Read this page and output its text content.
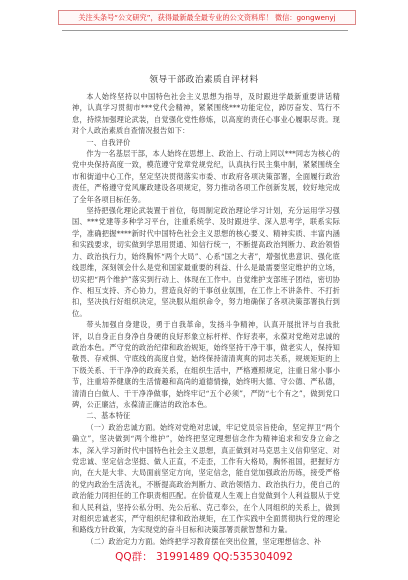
关注头条号“公文研究”，获得最新最全最专业的公文资料库！ 微信：gongwenyj
领导干部政治素质自评材料

本人始终坚持以中国特色社会主义思想为指导，及时跟进学最新重要讲话精神，认真学习贯彻市***党代会精神，紧紧围绕***功能定位，踔厉奋发、笃行不怠，持续加强理论武装，自觉强化党性修炼，以高度的责任心事业心履职尽责。现对个人政治素质自查情况报告如下：

一、自我评价

作为一名基层干部，本人始终在思想上、政治上、行动上同以***同志为核心的党中央保持高度一致，模范遵守党章党规党纪，认真执行民主集中制，紧紧围绕全市和街道中心工作，坚定坚决贯彻落实市委、市政府各项决策部署，全面履行政治责任，严格遵守党风廉政建设各项规定，努力推动各项工作创新发展，较好地完成了全年各项目标任务。

坚持把强化理论武装置于首位，每周制定政治理论学习计划，充分运用学习强国、***党建等多种学习平台，注重系统学、及时跟进学、深入思考学，联系实际学，准确把握****新时代中国特色社会主义思想的核心要义、精神实质、丰富内涵和实践要求，切实做到学思用贯通、知信行统一，不断提高政治判断力、政治领悟力、政治执行力，始终胸怀“两个大局”、心系“国之大者”，增强忧患意识、强化底线思维，深刻领会什么是党和国家最重要的利益、什么是最需要坚定维护的立场，切实把“两个维护”落实到行动上、体现在工作中。自觉维护支部班子团结，密切协作、相互支持、齐心协力，营造良好的干事创业氛围，在工作上不讲条件、不打折扣，坚决执行好组织决定，坚决服从组织命令，努力地确保了各项决策部署执行到位。

带头加强自身建设，勇于自我革命，发扬斗争精神，认真开展批评与自我批评，以自身正自身净自身硬的良好形象立标杆样、作好表率，永葆对党绝对忠诚的政治本色。严守党的政治纪律和政治规矩，始终坚持干净干事，做老实人，保持知敬畏、存戒惧、守底线的高度自觉，始终保持清清爽爽的同志关系，规规矩矩的上下级关系、干干净净的政商关系，在组织生活中，严格遵照规定，注重日常小事小节，注重培养健康的生活情趣和高尚的道德情操，始终明大德、守公德、严私德，清清白白做人、干干净净做事，始终牢记“五个必须”，严防“七个有之”，做到党口碑，公正廉洁，永葆清正廉洁的政治本色。

二、基本特征

（一）政治忠诚方面。始终对党绝对忠诚，牢记党员宗旨使命，坚定捍卫“两个确立”，坚决做到“两个维护”，始终把坚定理想信念作为精神追求和安身立命之本，深入学习新时代中国特色社会主义思想，真正做到对马克思主义信仰坚定、对党忠诚、坚定信念坚挺、做人正直，不走歪，工作有大格局，胸怀祖国，把握好方向，在大是大非、大局面前坚定方向，坚定信念，能自觉加强政治历练，接受严格的党内政治生活洗礼，不断提高政治判断力、政治领悟力、政治执行力，使自己的政治能力同担任的工作职责相匹配。在价值观人生观上自觉做到个人利益服从于党和人民利益，坚持公私分明、先公后私、克己奉公，在个人同组织的关系上，做到对组织忠诚老实，严守组织纪律和政治规矩，在工作实践中全面贯彻执行党的理论和路线方针政策，为实现党的奋斗目标和决策部署贡献智慧和力量。

（二）政治定力方面。始终把学习教育摆在突出位置，坚定理想信念、补

QQ群： 31991489 QQ:535304092
